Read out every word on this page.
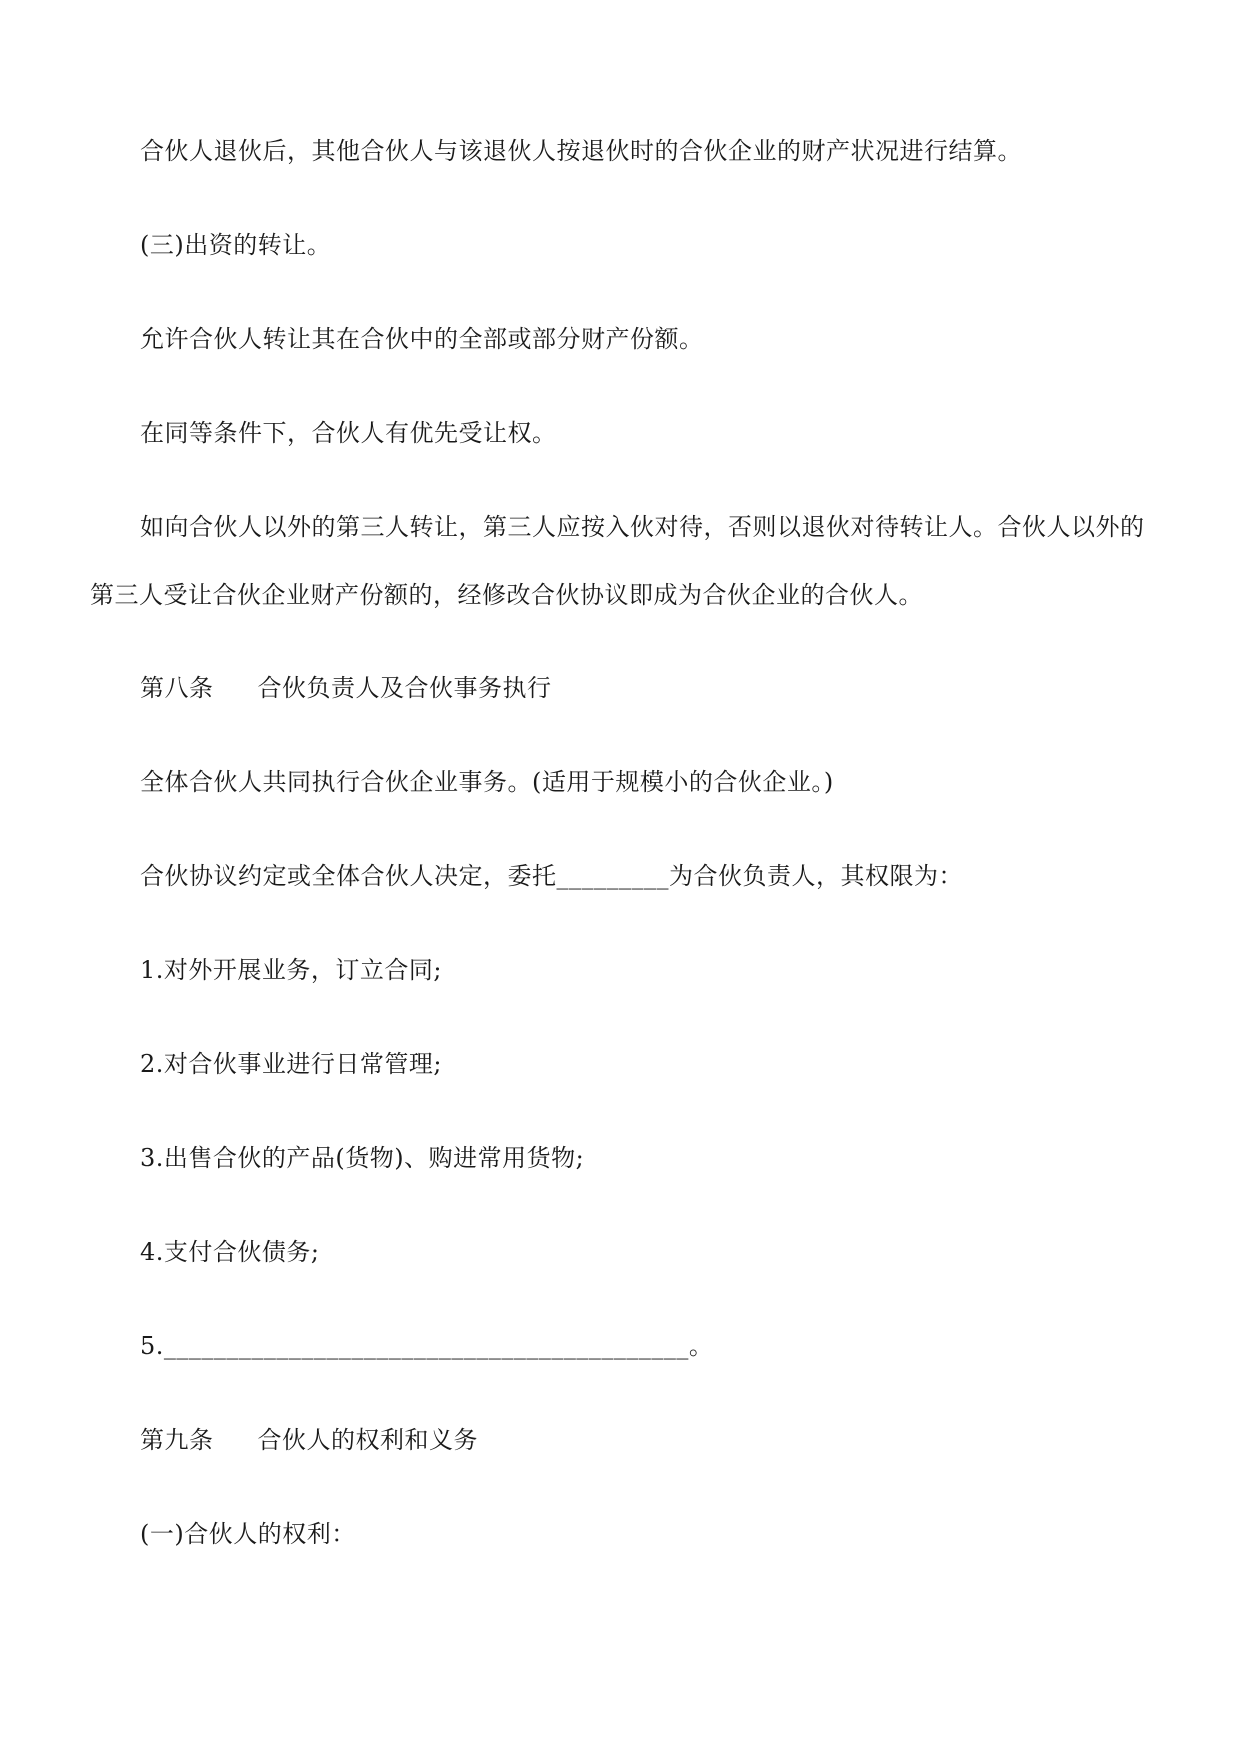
合伙人退伙后，其他合伙人与该退伙人按退伙时的合伙企业的财产状况进行结算。
(三)出资的转让。
允许合伙人转让其在合伙中的全部或部分财产份额。
在同等条件下，合伙人有优先受让权。
如向合伙人以外的第三人转让，第三人应按入伙对待，否则以退伙对待转让人。合伙人以外的
第三人受让合伙企业财产份额的，经修改合伙协议即成为合伙企业的合伙人。
第八条 合伙负责人及合伙事务执行
全体合伙人共同执行合伙企业事务。(适用于规模小的合伙企业。)
合伙协议约定或全体合伙人决定，委托_________为合伙负责人，其权限为：
1.对外开展业务，订立合同;
2.对合伙事业进行日常管理;
3.出售合伙的产品(货物)、购进常用货物;
4.支付合伙债务;
5.__________________________________________。
第九条 合伙人的权利和义务
(一)合伙人的权利：
